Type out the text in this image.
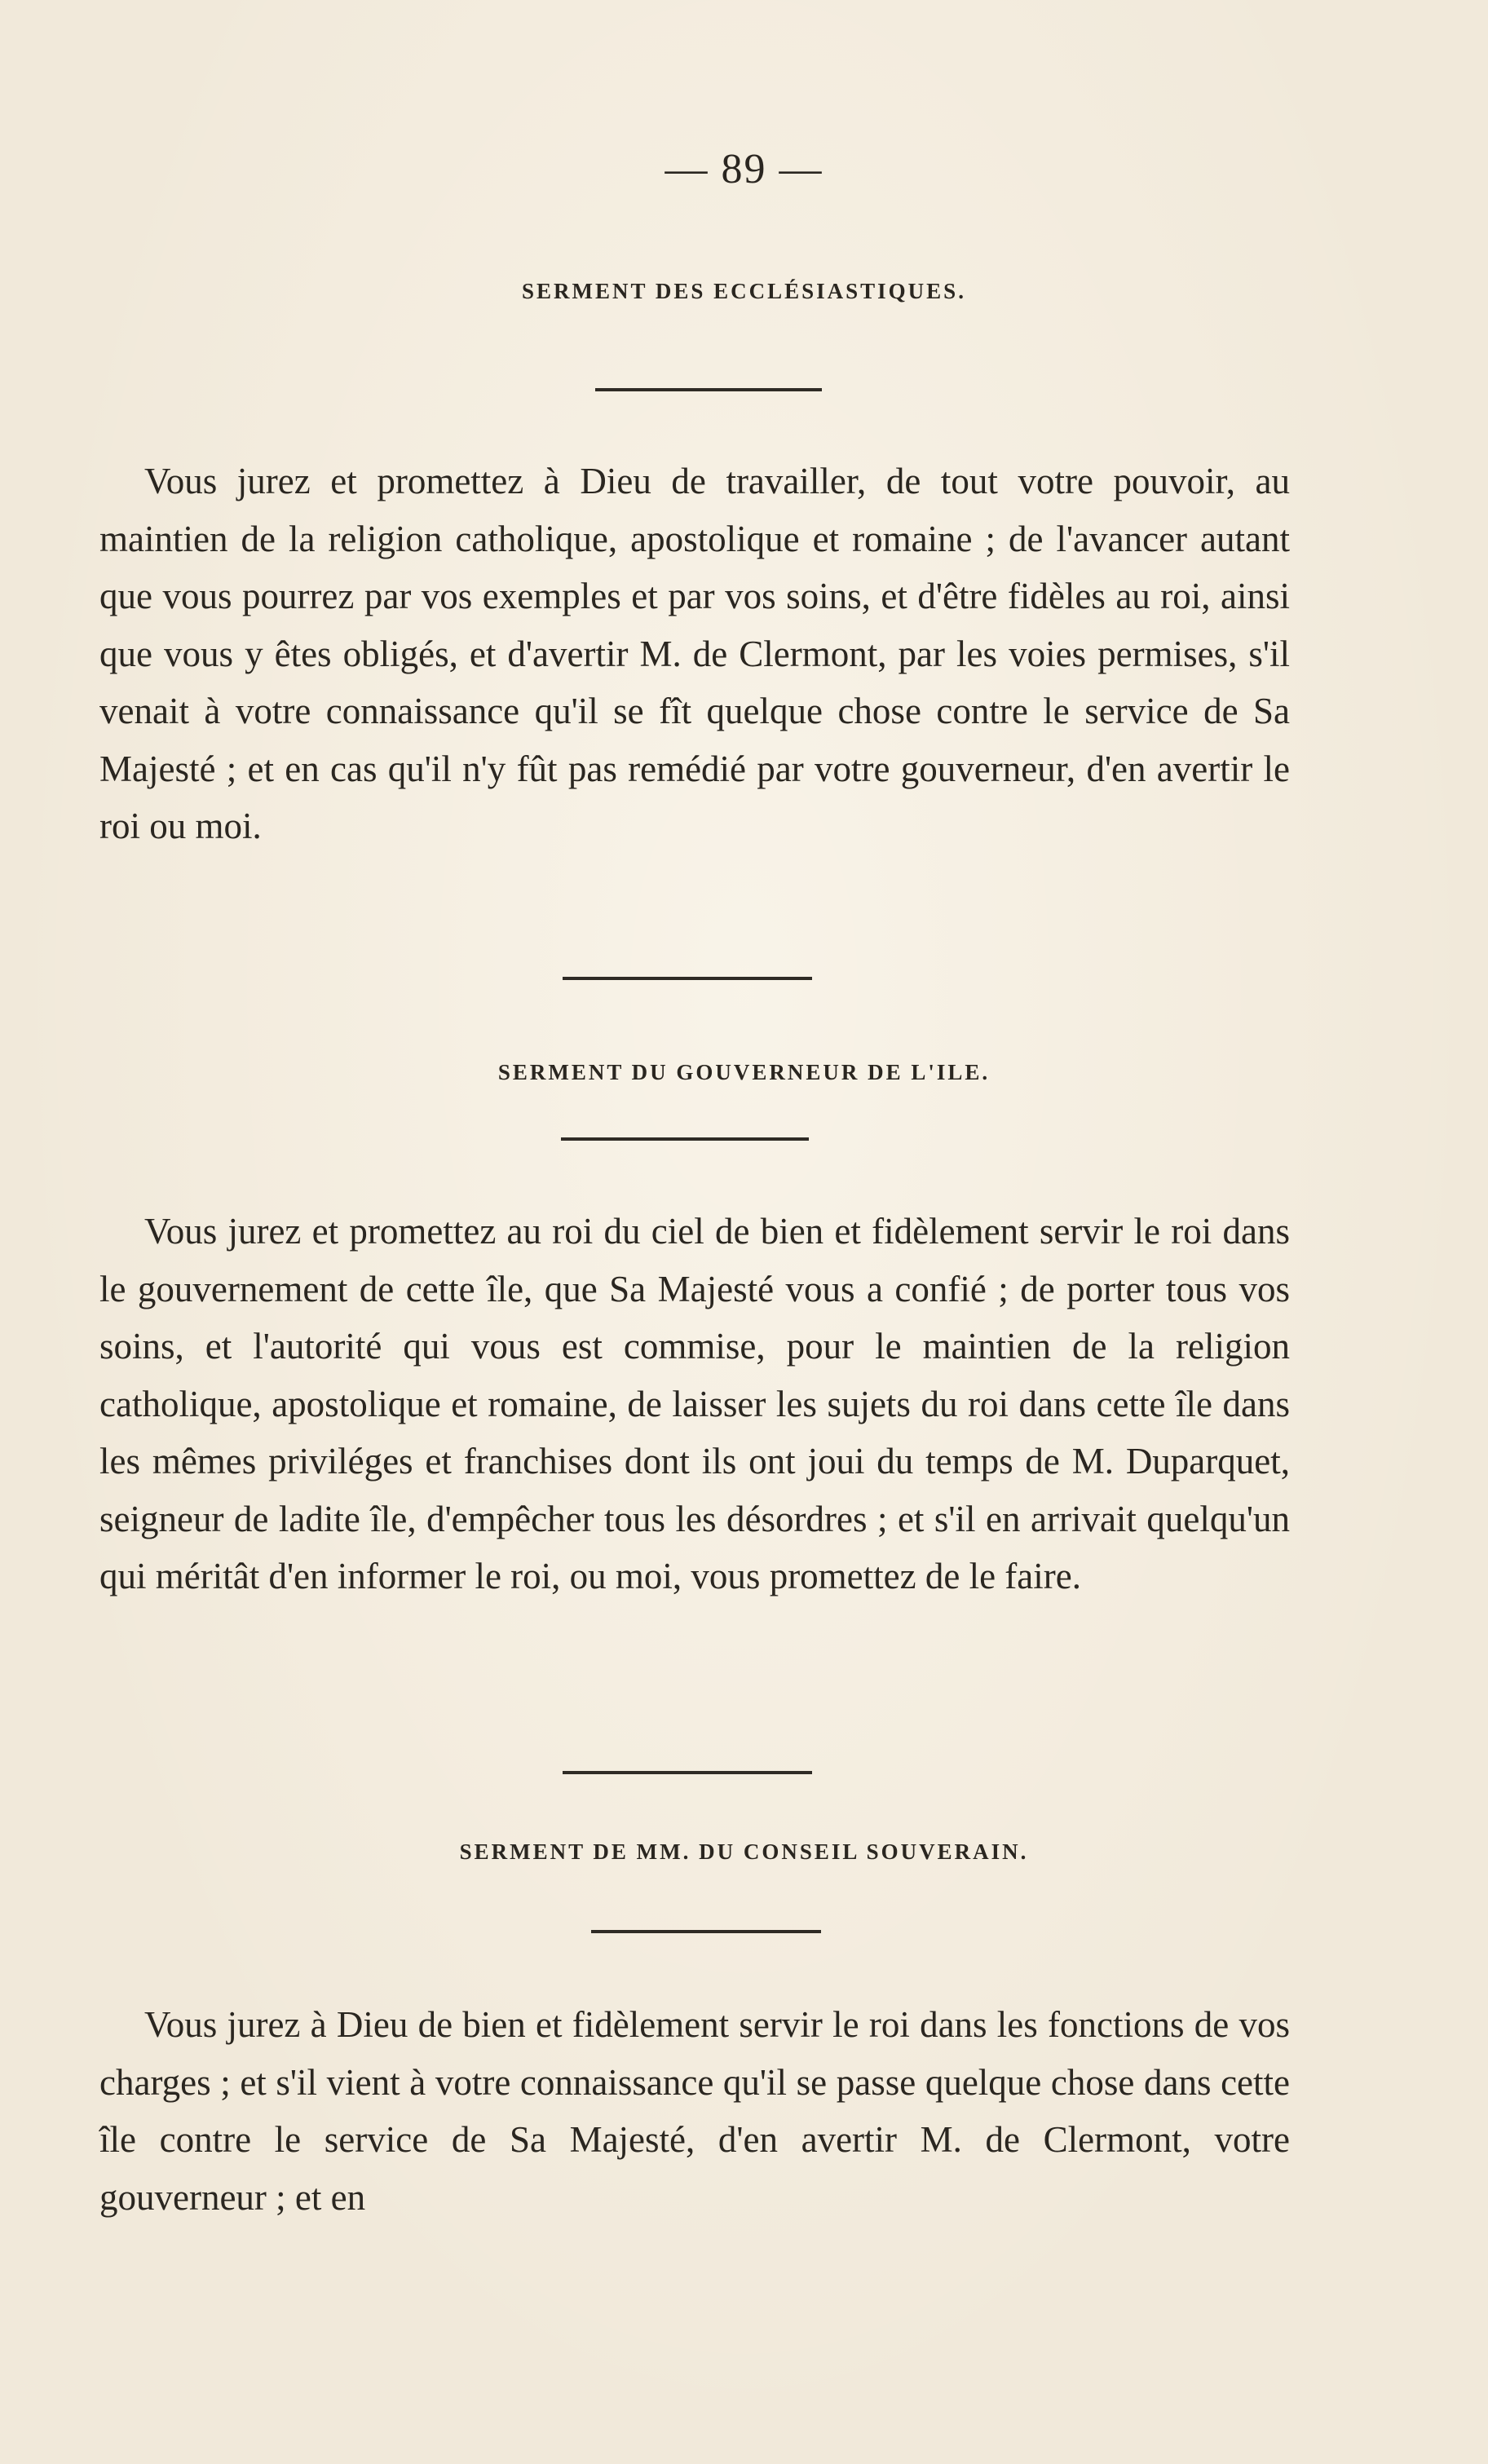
— 89 —

SERMENT DES ECCLÉSIASTIQUES.

Vous jurez et promettez à Dieu de travailler, de tout votre pouvoir, au maintien de la religion catholique, apostolique et romaine ; de l'avancer autant que vous pourrez par vos exemples et par vos soins, et d'être fidèles au roi, ainsi que vous y êtes obligés, et d'avertir M. de Clermont, par les voies permises, s'il venait à votre connaissance qu'il se fît quelque chose contre le service de Sa Majesté ; et en cas qu'il n'y fût pas remédié par votre gouverneur, d'en avertir le roi ou moi.

SERMENT DU GOUVERNEUR DE L'ILE.

Vous jurez et promettez au roi du ciel de bien et fidèlement servir le roi dans le gouvernement de cette île, que Sa Majesté vous a confié ; de porter tous vos soins, et l'autorité qui vous est commise, pour le maintien de la religion catholique, apostolique et romaine, de laisser les sujets du roi dans cette île dans les mêmes priviléges et franchises dont ils ont joui du temps de M. Duparquet, seigneur de ladite île, d'empêcher tous les désordres ; et s'il en arrivait quelqu'un qui méritât d'en informer le roi, ou moi, vous promettez de le faire.

SERMENT DE MM. DU CONSEIL SOUVERAIN.

Vous jurez à Dieu de bien et fidèlement servir le roi dans les fonctions de vos charges ; et s'il vient à votre connaissance qu'il se passe quelque chose dans cette île contre le service de Sa Majesté, d'en avertir M. de Clermont, votre gouverneur ; et en
